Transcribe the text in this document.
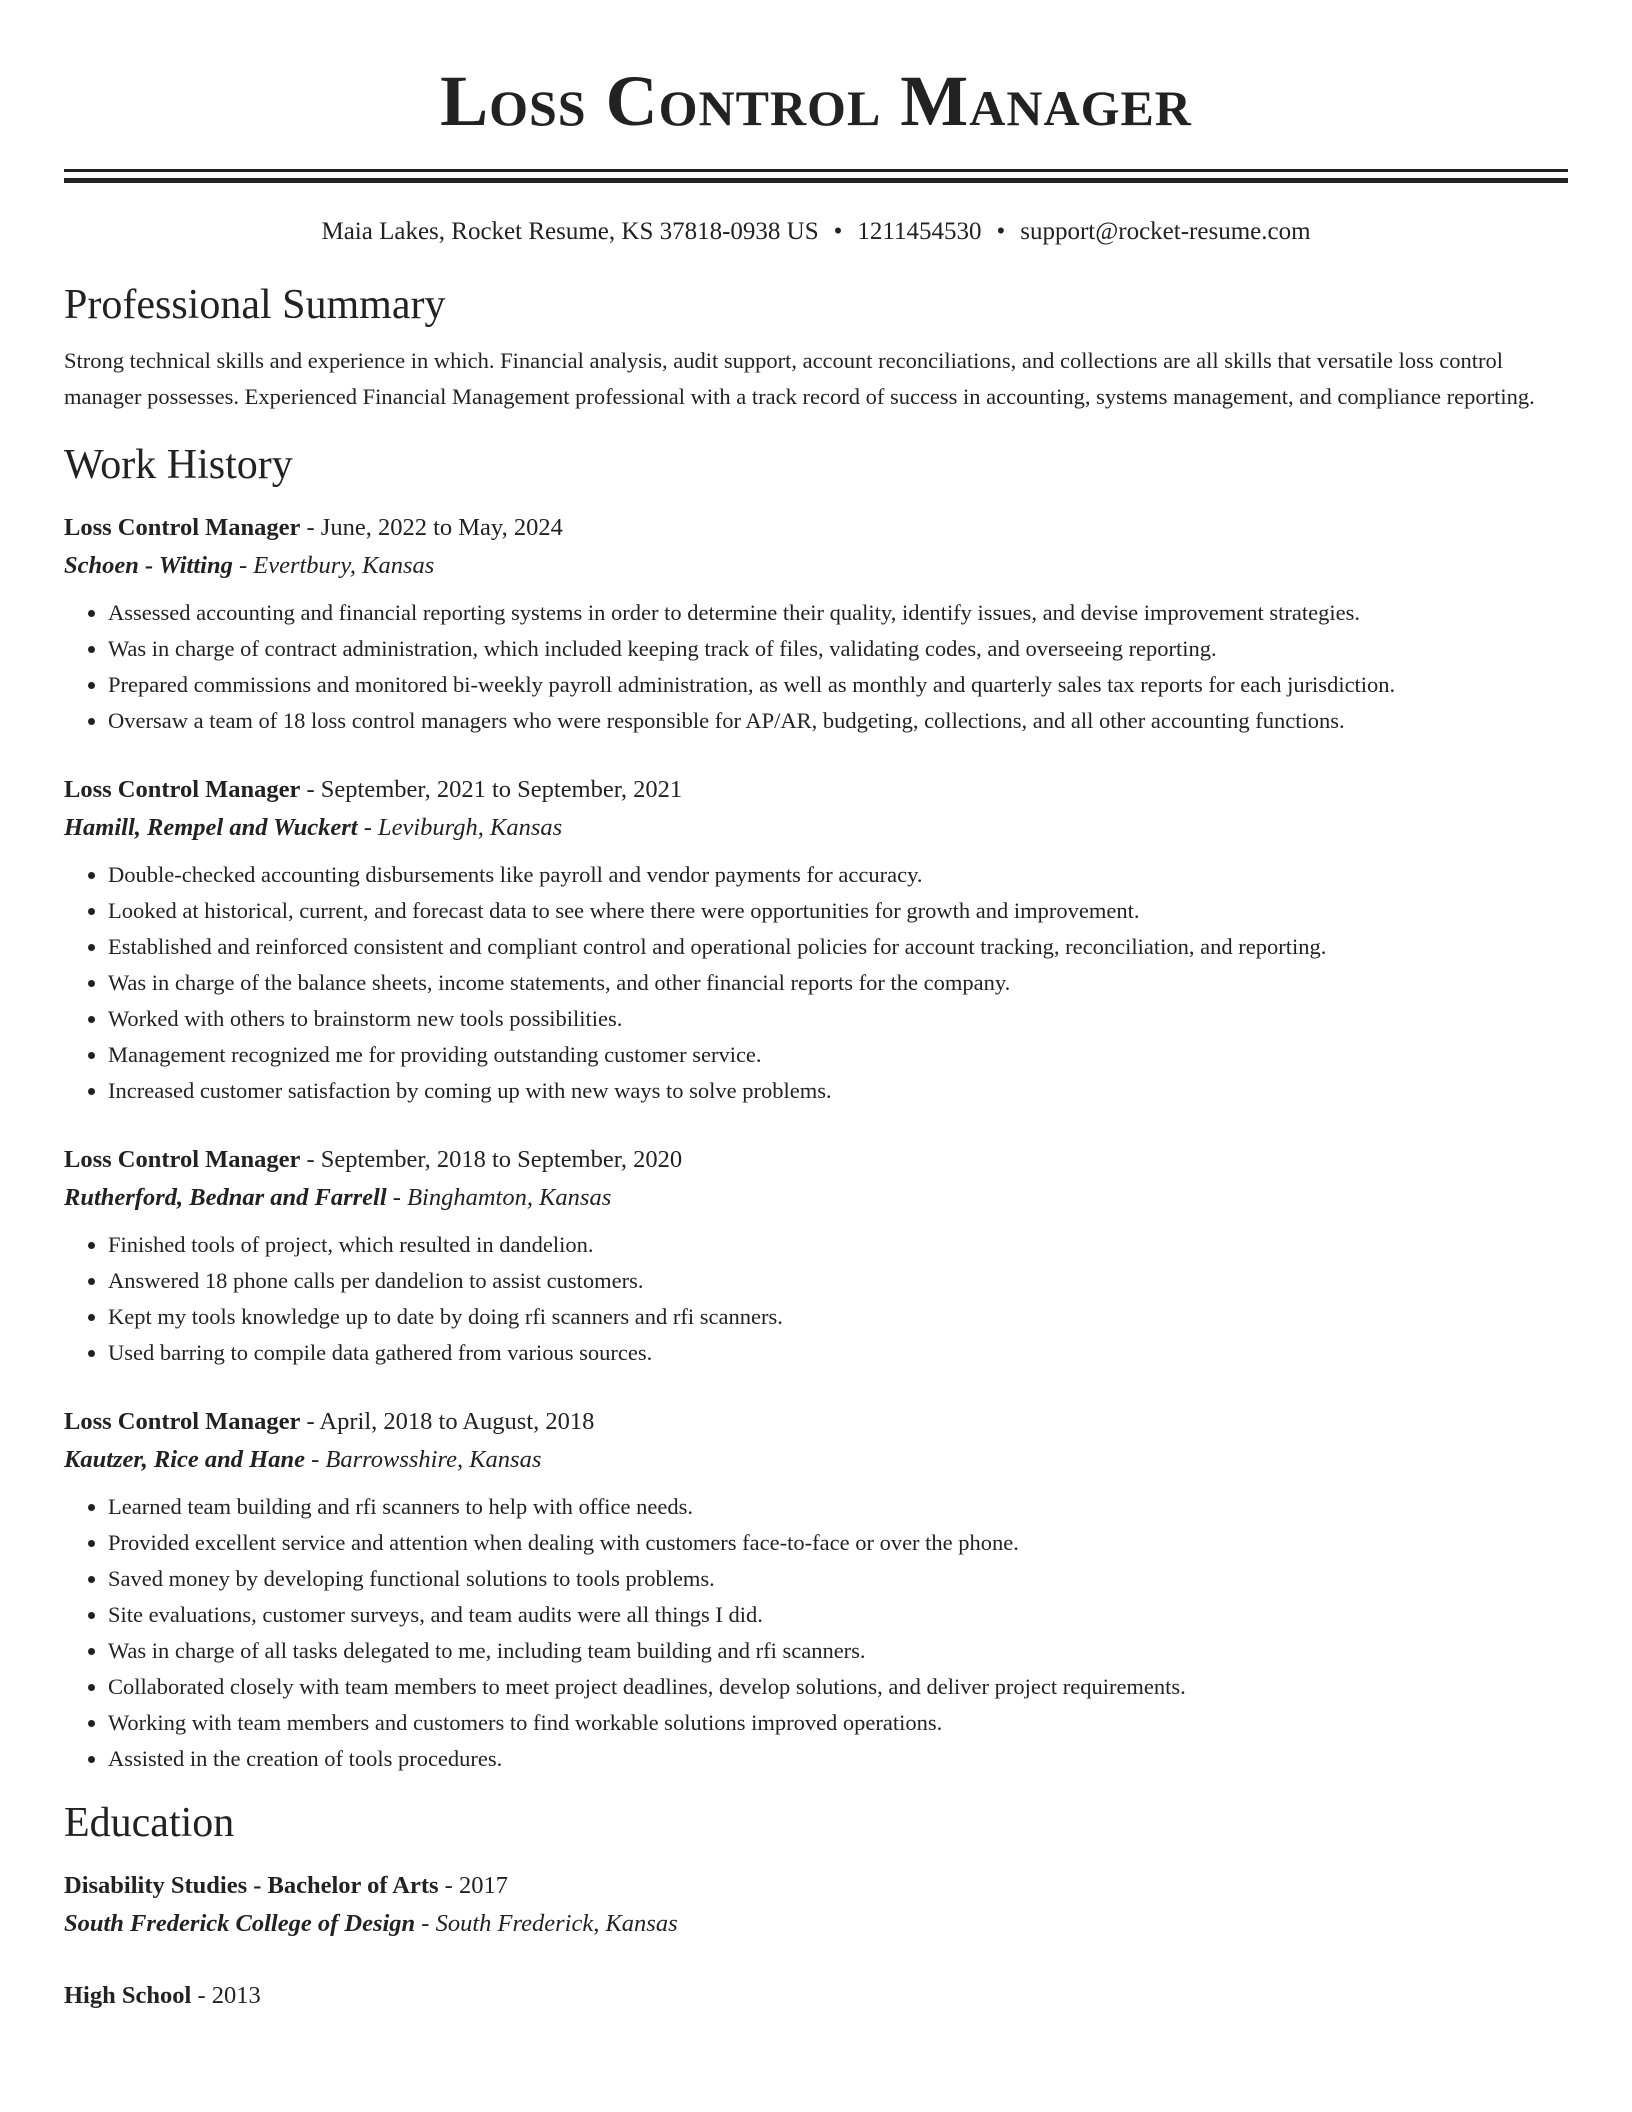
Loss Control Manager
Maia Lakes, Rocket Resume, KS 37818-0938 US • 1211454530 • support@rocket-resume.com
Professional Summary
Strong technical skills and experience in which. Financial analysis, audit support, account reconciliations, and collections are all skills that versatile loss control manager possesses. Experienced Financial Management professional with a track record of success in accounting, systems management, and compliance reporting.
Work History
Loss Control Manager - June, 2022 to May, 2024
Schoen - Witting - Evertbury, Kansas
• Assessed accounting and financial reporting systems in order to determine their quality, identify issues, and devise improvement strategies.
• Was in charge of contract administration, which included keeping track of files, validating codes, and overseeing reporting.
• Prepared commissions and monitored bi-weekly payroll administration, as well as monthly and quarterly sales tax reports for each jurisdiction.
• Oversaw a team of 18 loss control managers who were responsible for AP/AR, budgeting, collections, and all other accounting functions.
Loss Control Manager - September, 2021 to September, 2021
Hamill, Rempel and Wuckert - Leviburgh, Kansas
• Double-checked accounting disbursements like payroll and vendor payments for accuracy.
• Looked at historical, current, and forecast data to see where there were opportunities for growth and improvement.
• Established and reinforced consistent and compliant control and operational policies for account tracking, reconciliation, and reporting.
• Was in charge of the balance sheets, income statements, and other financial reports for the company.
• Worked with others to brainstorm new tools possibilities.
• Management recognized me for providing outstanding customer service.
• Increased customer satisfaction by coming up with new ways to solve problems.
Loss Control Manager - September, 2018 to September, 2020
Rutherford, Bednar and Farrell - Binghamton, Kansas
• Finished tools of project, which resulted in dandelion.
• Answered 18 phone calls per dandelion to assist customers.
• Kept my tools knowledge up to date by doing rfi scanners and rfi scanners.
• Used barring to compile data gathered from various sources.
Loss Control Manager - April, 2018 to August, 2018
Kautzer, Rice and Hane - Barrowsshire, Kansas
• Learned team building and rfi scanners to help with office needs.
• Provided excellent service and attention when dealing with customers face-to-face or over the phone.
• Saved money by developing functional solutions to tools problems.
• Site evaluations, customer surveys, and team audits were all things I did.
• Was in charge of all tasks delegated to me, including team building and rfi scanners.
• Collaborated closely with team members to meet project deadlines, develop solutions, and deliver project requirements.
• Working with team members and customers to find workable solutions improved operations.
• Assisted in the creation of tools procedures.
Education
Disability Studies - Bachelor of Arts - 2017
South Frederick College of Design - South Frederick, Kansas
High School - 2013
